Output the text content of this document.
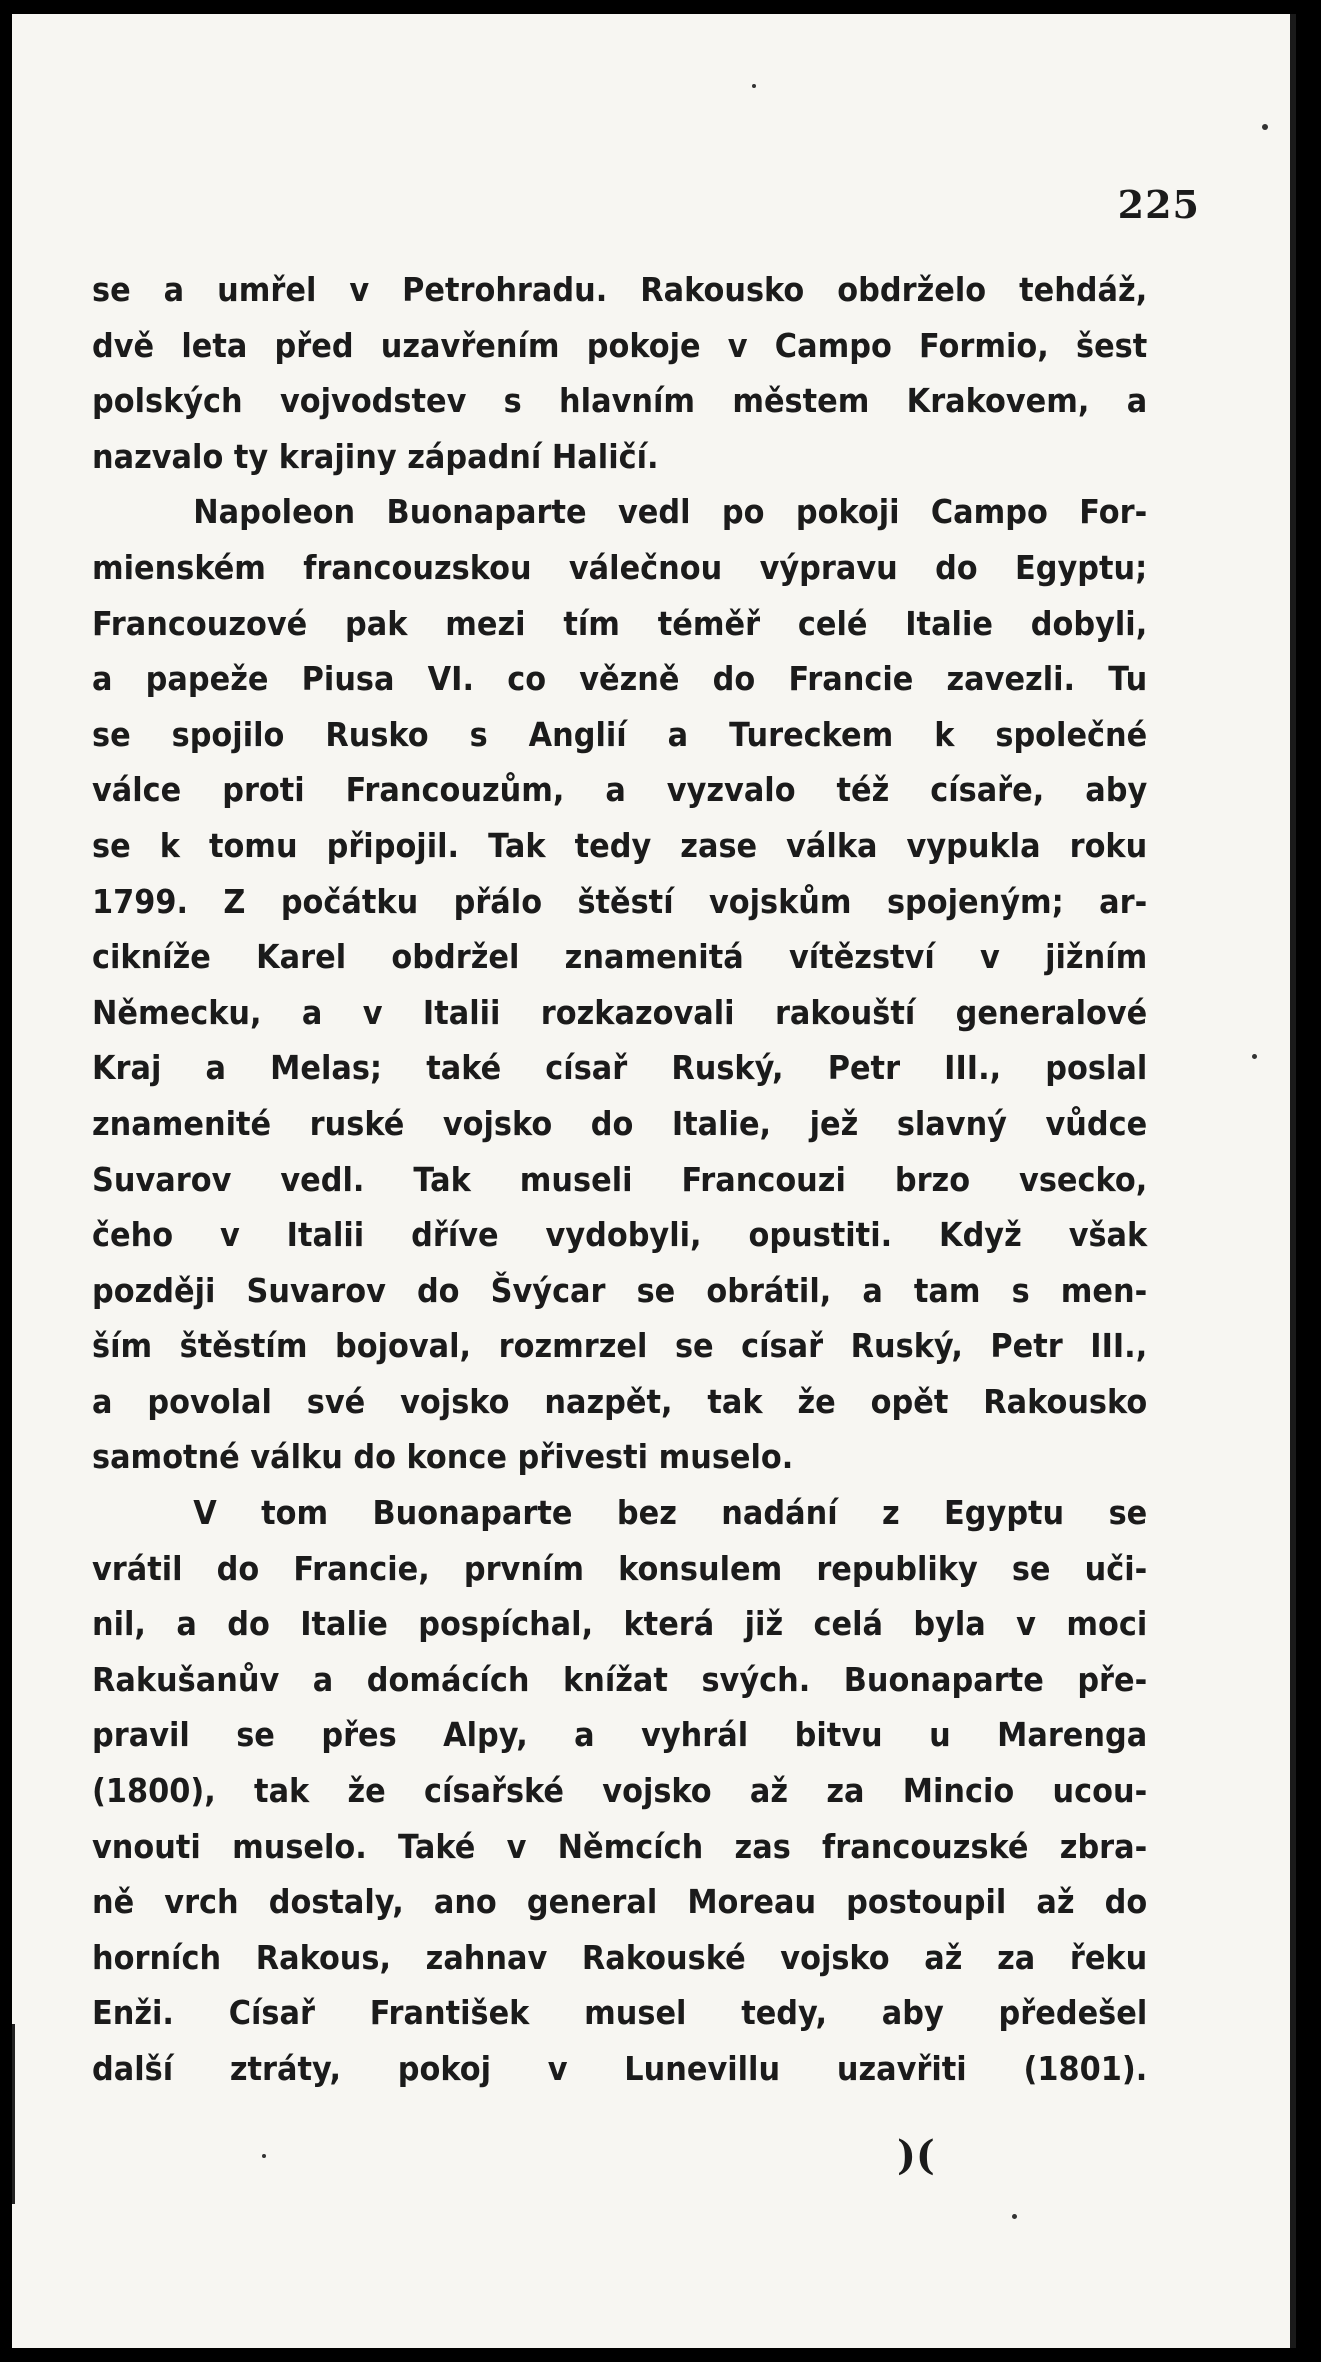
225
se a umřel v Petrohradu. Rakousko obdrželo tehdáž,
dvě leta před uzavřením pokoje v Campo Formio, šest
polských vojvodstev s hlavním městem Krakovem, a
nazvalo ty krajiny západní Haličí.
Napoleon Buonaparte vedl po pokoji Campo For-
mienském francouzskou válečnou výpravu do Egyptu;
Francouzové pak mezi tím téměř celé Italie dobyli,
a papeže Piusa VI. co vězně do Francie zavezli. Tu
se spojilo Rusko s Anglií a Tureckem k společné
válce proti Francouzům, a vyzvalo též císaře, aby
se k tomu připojil. Tak tedy zase válka vypukla roku
1799. Z počátku přálo štěstí vojskům spojeným; ar-
cikníže Karel obdržel znamenitá vítězství v jižním
Německu, a v Italii rozkazovali rakouští generalové
Kraj a Melas; také císař Ruský, Petr III., poslal
znamenité ruské vojsko do Italie, jež slavný vůdce
Suvarov vedl. Tak museli Francouzi brzo vsecko,
čeho v Italii dříve vydobyli, opustiti. Když však
později Suvarov do Švýcar se obrátil, a tam s men-
ším štěstím bojoval, rozmrzel se císař Ruský, Petr III.,
a povolal své vojsko nazpět, tak že opět Rakousko
samotné válku do konce přivesti muselo.
V tom Buonaparte bez nadání z Egyptu se
vrátil do Francie, prvním konsulem republiky se uči-
nil, a do Italie pospíchal, která již celá byla v moci
Rakušanův a domácích knížat svých. Buonaparte pře-
pravil se přes Alpy, a vyhrál bitvu u Marenga
(1800), tak že císařské vojsko až za Mincio ucou-
vnouti muselo. Také v Němcích zas francouzské zbra-
ně vrch dostaly, ano general Moreau postoupil až do
horních Rakous, zahnav Rakouské vojsko až za řeku
Enži. Císař František musel tedy, aby předešel
další ztráty, pokoj v Lunevillu uzavřiti (1801).
)(
